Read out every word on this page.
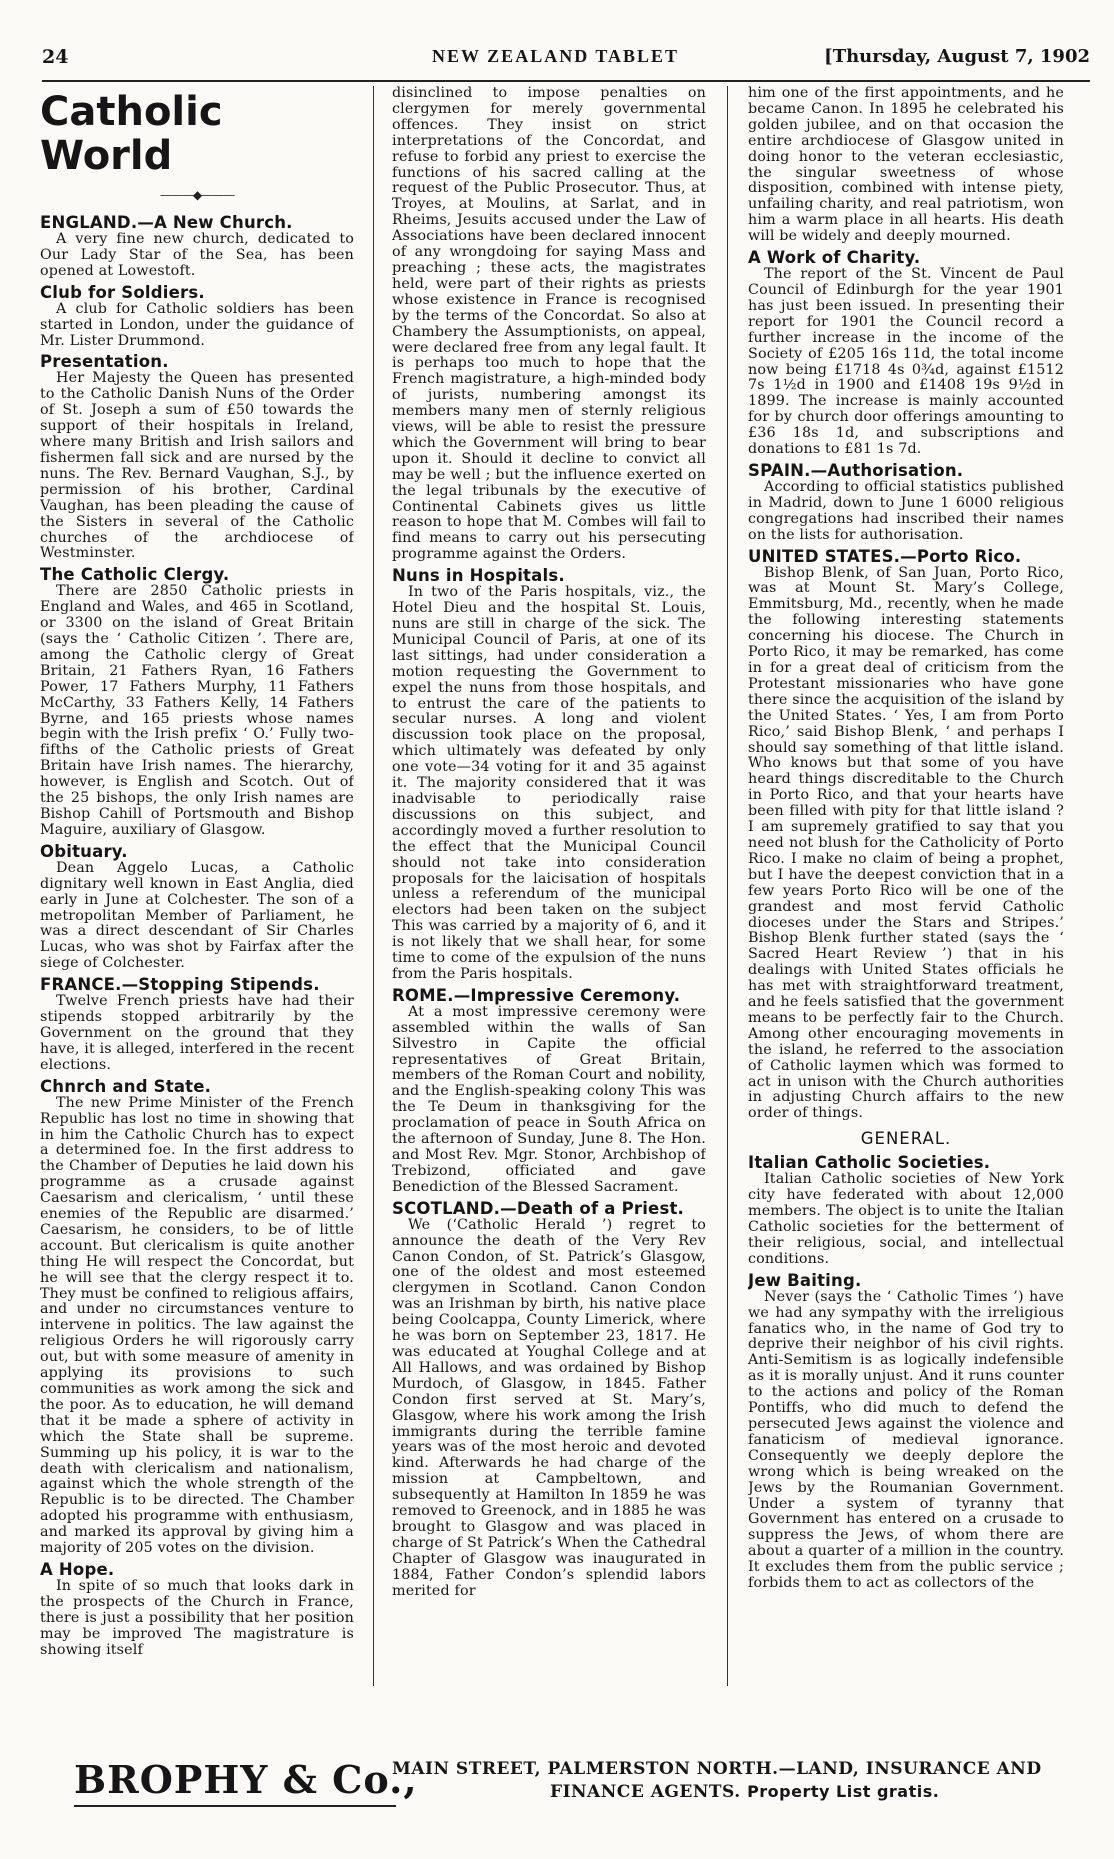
24	NEW ZEALAND TABLET	[Thursday, August 7, 1902
Catholic World
———◆———
ENGLAND.—A New Church.

A very fine new church, dedicated to Our Lady Star of the Sea, has been opened at Lowestoft.

Club for Soldiers.

A club for Catholic soldiers has been started in London, under the guidance of Mr. Lister Drummond.

Presentation.

Her Majesty the Queen has presented to the Catholic Danish Nuns of the Order of St. Joseph a sum of £50 towards the support of their hospitals in Ireland, where many British and Irish sailors and fishermen fall sick and are nursed by the nuns. The Rev. Bernard Vaughan, S.J., by permission of his brother, Cardinal Vaughan, has been pleading the cause of the Sisters in several of the Catholic churches of the archdiocese of Westminster.

The Catholic Clergy.

There are 2850 Catholic priests in England and Wales, and 465 in Scotland, or 3300 on the island of Great Britain (says the ‘ Catholic Citizen ’. There are, among the Catholic clergy of Great Britain, 21 Fathers Ryan, 16 Fathers Power, 17 Fathers Murphy, 11 Fathers McCarthy, 33 Fathers Kelly, 14 Fathers Byrne, and 165 priests whose names begin with the Irish prefix ‘ O.’ Fully two-fifths of the Catholic priests of Great Britain have Irish names. The hierarchy, however, is English and Scotch. Out of the 25 bishops, the only Irish names are Bishop Cahill of Portsmouth and Bishop Maguire, auxiliary of Glasgow.

Obituary.

Dean Aggelo Lucas, a Catholic dignitary well known in East Anglia, died early in June at Colchester. The son of a metropolitan Member of Parliament, he was a direct descendant of Sir Charles Lucas, who was shot by Fairfax after the siege of Colchester.

FRANCE.—Stopping Stipends.

Twelve French priests have had their stipends stopped arbitrarily by the Government on the ground that they have, it is alleged, interfered in the recent elections.

Chnrch and State.

The new Prime Minister of the French Republic has lost no time in showing that in him the Catholic Church has to expect a determined foe. In the first address to the Chamber of Deputies he laid down his programme as a crusade against Caesarism and clericalism, ‘ until these enemies of the Republic are disarmed.’ Caesarism, he considers, to be of little account. But clericalism is quite another thing He will respect the Concordat, but he will see that the clergy respect it to. They must be confined to religious affairs, and under no circumstances venture to intervene in politics. The law against the religious Orders he will rigorously carry out, but with some measure of amenity in applying its provisions to such communities as work among the sick and the poor. As to education, he will demand that it be made a sphere of activity in which the State shall be supreme. Summing up his policy, it is war to the death with clericalism and nationalism, against which the whole strength of the Republic is to be directed. The Chamber adopted his programme with enthusiasm, and marked its approval by giving him a majority of 205 votes on the division.

A Hope.

In spite of so much that looks dark in the prospects of the Church in France, there is just a possibility that her position may be improved The magistrature is showing itself

disinclined to impose penalties on clergymen for merely governmental offences. They insist on strict interpretations of the Concordat, and refuse to forbid any priest to exercise the functions of his sacred calling at the request of the Public Prosecutor. Thus, at Troyes, at Moulins, at Sarlat, and in Rheims, Jesuits accused under the Law of Associations have been declared innocent of any wrongdoing for saying Mass and preaching ; these acts, the magistrates held, were part of their rights as priests whose existence in France is recognised by the terms of the Concordat. So also at Chambery the Assumptionists, on appeal, were declared free from any legal fault. It is perhaps too much to hope that the French magistrature, a high-minded body of jurists, numbering amongst its members many men of sternly religious views, will be able to resist the pressure which the Government will bring to bear upon it. Should it decline to convict all may be well ; but the influence exerted on the legal tribunals by the executive of Continental Cabinets gives us little reason to hope that M. Combes will fail to find means to carry out his persecuting programme against the Orders.

Nuns in Hospitals.

In two of the Paris hospitals, viz., the Hotel Dieu and the hospital St. Louis, nuns are still in charge of the sick. The Municipal Council of Paris, at one of its last sittings, had under consideration a motion requesting the Government to expel the nuns from those hospitals, and to entrust the care of the patients to secular nurses. A long and violent discussion took place on the proposal, which ultimately was defeated by only one vote—34 voting for it and 35 against it. The majority considered that it was inadvisable to periodically raise discussions on this subject, and accordingly moved a further resolution to the effect that the Municipal Council should not take into consideration proposals for the laicisation of hospitals unless a referendum of the municipal electors had been taken on the subject This was carried by a majority of 6, and it is not likely that we shall hear, for some time to come of the expulsion of the nuns from the Paris hospitals.

ROME.—Impressive Ceremony.

At a most impressive ceremony were assembled within the walls of San Silvestro in Capite the official representatives of Great Britain, members of the Roman Court and nobility, and the English-speaking colony This was the Te Deum in thanksgiving for the proclamation of peace in South Africa on the afternoon of Sunday, June 8. The Hon. and Most Rev. Mgr. Stonor, Archbishop of Trebizond, officiated and gave Benediction of the Blessed Sacrament.

SCOTLAND.—Death of a Priest.

We (‘Catholic Herald ’) regret to announce the death of the Very Rev Canon Condon, of St. Patrick’s Glasgow, one of the oldest and most esteemed clergymen in Scotland. Canon Condon was an Irishman by birth, his native place being Coolcappa, County Limerick, where he was born on September 23, 1817. He was educated at Youghal College and at All Hallows, and was ordained by Bishop Murdoch, of Glasgow, in 1845. Father Condon first served at St. Mary’s, Glasgow, where his work among the Irish immigrants during the terrible famine years was of the most heroic and devoted kind. Afterwards he had charge of the mission at Campbeltown, and subsequently at Hamilton In 1859 he was removed to Greenock, and in 1885 he was brought to Glasgow and was placed in charge of St Patrick’s When the Cathedral Chapter of Glasgow was inaugurated in 1884, Father Condon’s splendid labors merited for

him one of the first appointments, and he became Canon. In 1895 he celebrated his golden jubilee, and on that occasion the entire archdiocese of Glasgow united in doing honor to the veteran ecclesiastic, the singular sweetness of whose disposition, combined with intense piety, unfailing charity, and real patriotism, won him a warm place in all hearts. His death will be widely and deeply mourned.

A Work of Charity.

The report of the St. Vincent de Paul Council of Edinburgh for the year 1901 has just been issued. In presenting their report for 1901 the Council record a further increase in the income of the Society of £205 16s 11d, the total income now being £1718 4s 0¾d, against £1512 7s 1½d in 1900 and £1408 19s 9½d in 1899. The increase is mainly accounted for by church door offerings amounting to £36 18s 1d, and subscriptions and donations to £81 1s 7d.

SPAIN.—Authorisation.

According to official statistics published in Madrid, down to June 1 6000 religious congregations had inscribed their names on the lists for authorisation.

UNITED STATES.—Porto Rico.

Bishop Blenk, of San Juan, Porto Rico, was at Mount St. Mary’s College, Emmitsburg, Md., recently, when he made the following interesting statements concerning his diocese. The Church in Porto Rico, it may be remarked, has come in for a great deal of criticism from the Protestant missionaries who have gone there since the acquisition of the island by the United States. ‘ Yes, I am from Porto Rico,’ said Bishop Blenk, ‘ and perhaps I should say something of that little island. Who knows but that some of you have heard things discreditable to the Church in Porto Rico, and that your hearts have been filled with pity for that little island ? I am supremely gratified to say that you need not blush for the Catholicity of Porto Rico. I make no claim of being a prophet, but I have the deepest conviction that in a few years Porto Rico will be one of the grandest and most fervid Catholic dioceses under the Stars and Stripes.’ Bishop Blenk further stated (says the ‘ Sacred Heart Review ’) that in his dealings with United States officials he has met with straightforward treatment, and he feels satisfied that the government means to be perfectly fair to the Church. Among other encouraging movements in the island, he referred to the association of Catholic laymen which was formed to act in unison with the Church authorities in adjusting Church affairs to the new order of things.

GENERAL.
Italian Catholic Societies.

Italian Catholic societies of New York city have federated with about 12,000 members. The object is to unite the Italian Catholic societies for the betterment of their religious, social, and intellectual conditions.

Jew Baiting.

Never (says the ‘ Catholic Times ’) have we had any sympathy with the irreligious fanatics who, in the name of God try to deprive their neighbor of his civil rights. Anti-Semitism is as logically indefensible as it is morally unjust. And it runs counter to the actions and policy of the Roman Pontiffs, who did much to defend the persecuted Jews against the violence and fanaticism of medieval ignorance. Consequently we deeply deplore the wrong which is being wreaked on the Jews by the Roumanian Government. Under a system of tyranny that Government has entered on a crusade to suppress the Jews, of whom there are about a quarter of a million in the country. It excludes them from the public service ; forbids them to act as collectors of the

BROPHY & Co.,
MAIN STREET, PALMERSTON NORTH.—LAND, INSURANCE AND
FINANCE AGENTS. Property List gratis.
